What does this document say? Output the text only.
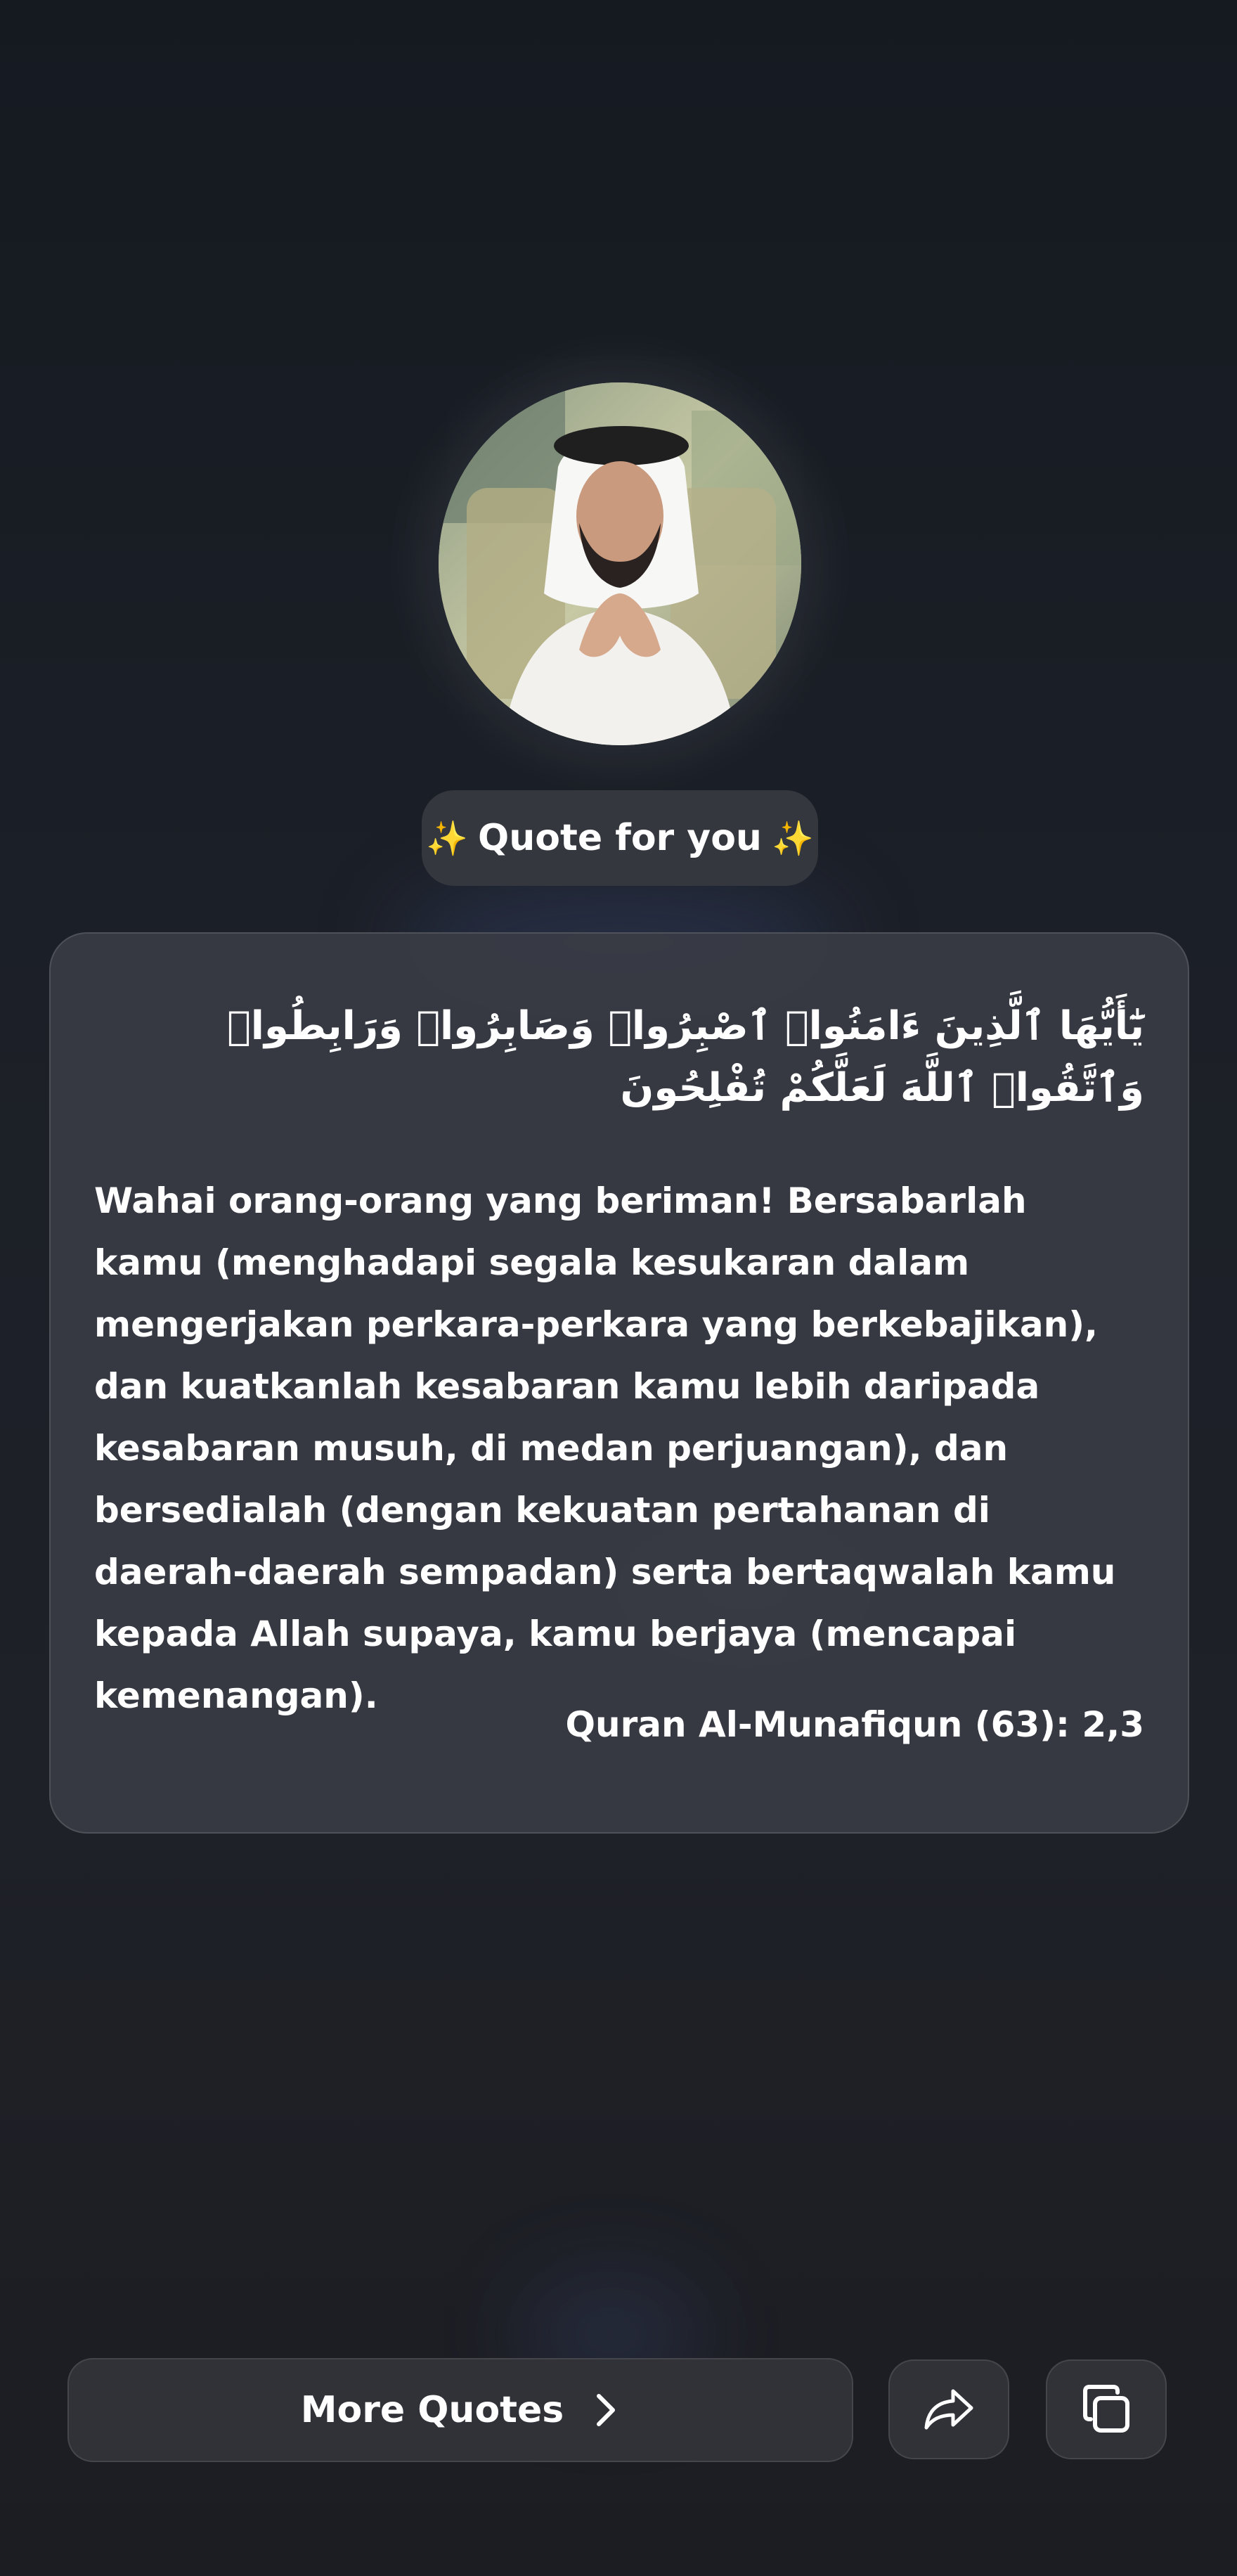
✨ Quote for you ✨
يَٰٓأَيُّهَا ٱلَّذِينَ ءَامَنُوا۟ ٱصْبِرُوا۟ وَصَابِرُوا۟ وَرَابِطُوا۟ وَٱتَّقُوا۟ ٱللَّهَ لَعَلَّكُمْ تُفْلِحُونَ
Wahai orang-orang yang beriman! Bersabarlah kamu (menghadapi segala kesukaran dalam mengerjakan perkara-perkara yang berkebajikan), dan kuatkanlah kesabaran kamu lebih daripada kesabaran musuh, di medan perjuangan), dan bersedialah (dengan kekuatan pertahanan di daerah-daerah sempadan) serta bertaqwalah kamu kepada Allah supaya, kamu berjaya (mencapai kemenangan).
Quran Al-Munafiqun (63): 2,3
More Quotes
